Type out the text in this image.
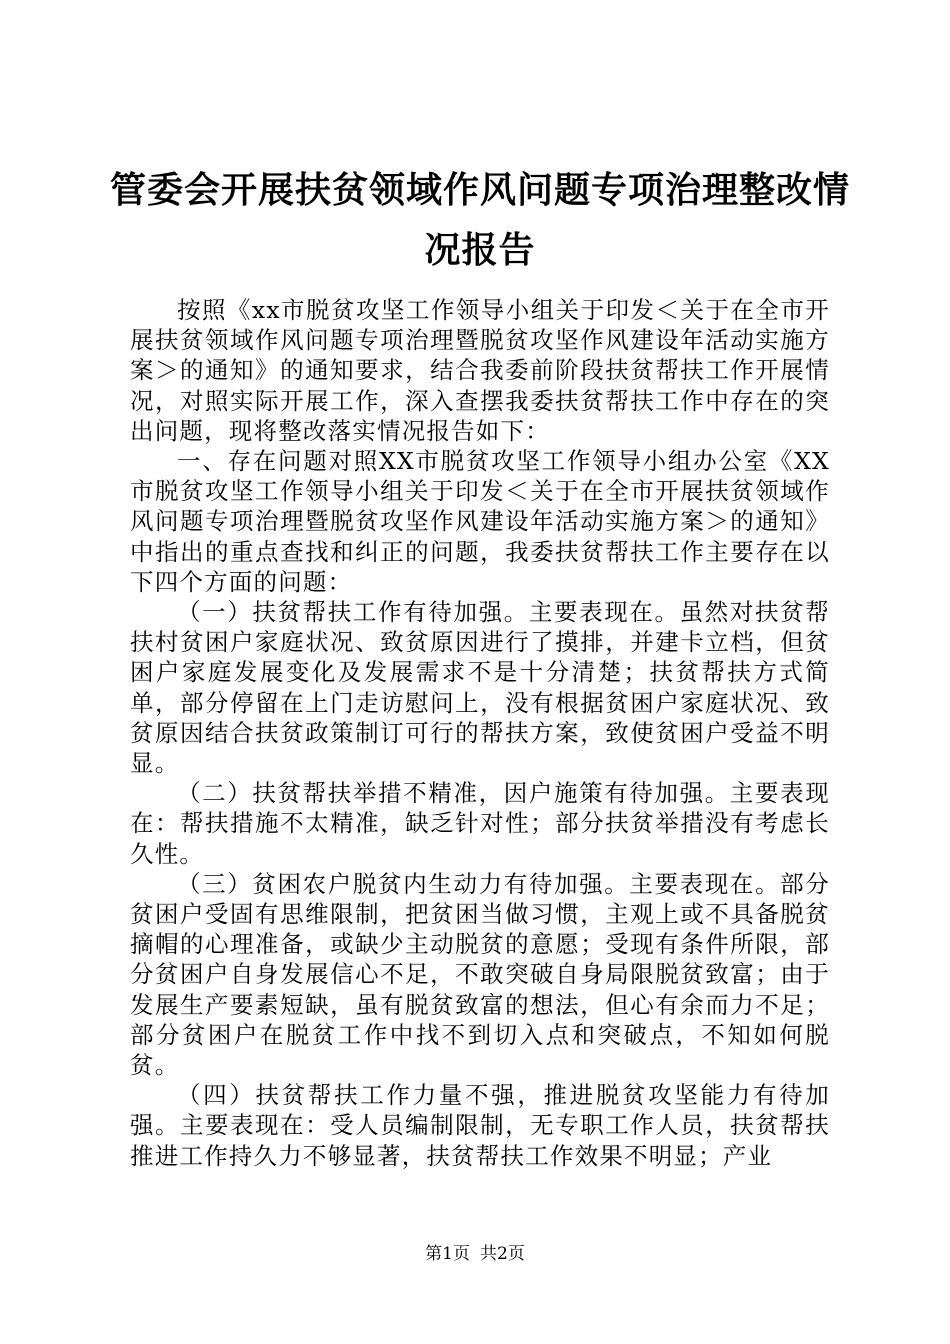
管委会开展扶贫领域作风问题专项治理整改情况报告

按照《xx市脱贫攻坚工作领导小组关于印发＜关于在全市开展扶贫领域作风问题专项治理暨脱贫攻坚作风建设年活动实施方案＞的通知》的通知要求，结合我委前阶段扶贫帮扶工作开展情况，对照实际开展工作，深入查摆我委扶贫帮扶工作中存在的突出问题，现将整改落实情况报告如下：

一、存在问题对照XX市脱贫攻坚工作领导小组办公室《XX市脱贫攻坚工作领导小组关于印发＜关于在全市开展扶贫领域作风问题专项治理暨脱贫攻坚作风建设年活动实施方案＞的通知》中指出的重点查找和纠正的问题，我委扶贫帮扶工作主要存在以下四个方面的问题：

（一）扶贫帮扶工作有待加强。主要表现在。虽然对扶贫帮扶村贫困户家庭状况、致贫原因进行了摸排，并建卡立档，但贫困户家庭发展变化及发展需求不是十分清楚；扶贫帮扶方式简单，部分停留在上门走访慰问上，没有根据贫困户家庭状况、致贫原因结合扶贫政策制订可行的帮扶方案，致使贫困户受益不明显。

（二）扶贫帮扶举措不精准，因户施策有待加强。主要表现在：帮扶措施不太精准，缺乏针对性；部分扶贫举措没有考虑长久性。

（三）贫困农户脱贫内生动力有待加强。主要表现在。部分贫困户受固有思维限制，把贫困当做习惯，主观上或不具备脱贫摘帽的心理准备，或缺少主动脱贫的意愿；受现有条件所限，部分贫困户自身发展信心不足，不敢突破自身局限脱贫致富；由于发展生产要素短缺，虽有脱贫致富的想法，但心有余而力不足；部分贫困户在脱贫工作中找不到切入点和突破点，不知如何脱贫。

（四）扶贫帮扶工作力量不强，推进脱贫攻坚能力有待加强。主要表现在：受人员编制限制，无专职工作人员，扶贫帮扶推进工作持久力不够显著，扶贫帮扶工作效果不明显；产业

第1页 共2页
